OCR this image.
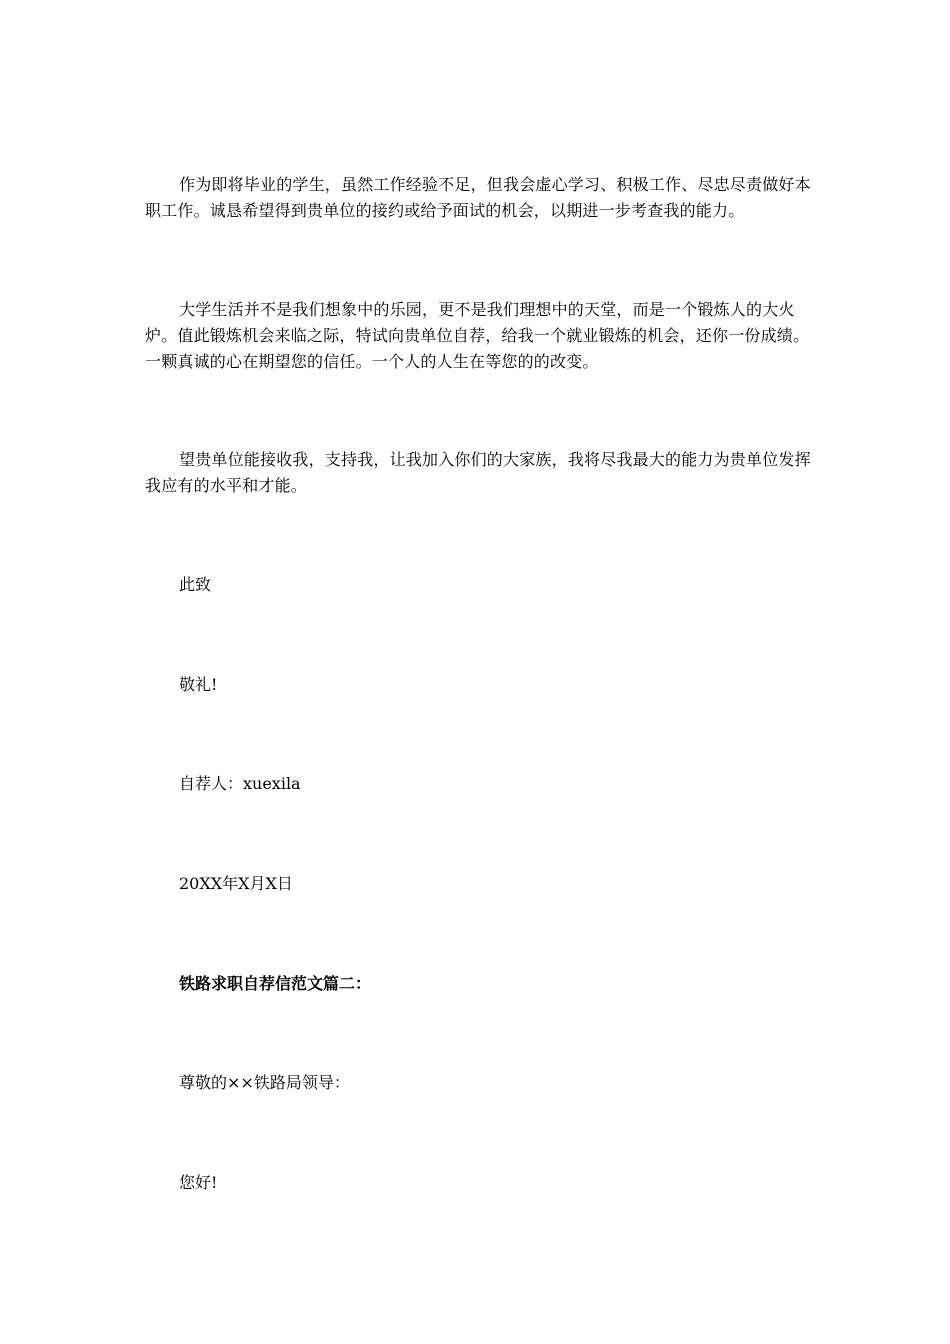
作为即将毕业的学生，虽然工作经验不足，但我会虚心学习、积极工作、尽忠尽责做好本职工作。诚恳希望得到贵单位的接约或给予面试的机会，以期进一步考查我的能力。

大学生活并不是我们想象中的乐园，更不是我们理想中的天堂，而是一个锻炼人的大火炉。值此锻炼机会来临之际，特试向贵单位自荐，给我一个就业锻炼的机会，还你一份成绩。一颗真诚的心在期望您的信任。一个人的人生在等您的的改变。

望贵单位能接收我，支持我，让我加入你们的大家族，我将尽我最大的能力为贵单位发挥我应有的水平和才能。

此致

敬礼!

自荐人：xuexila

20XX年X月X日

铁路求职自荐信范文篇二：

尊敬的××铁路局领导：

您好!
